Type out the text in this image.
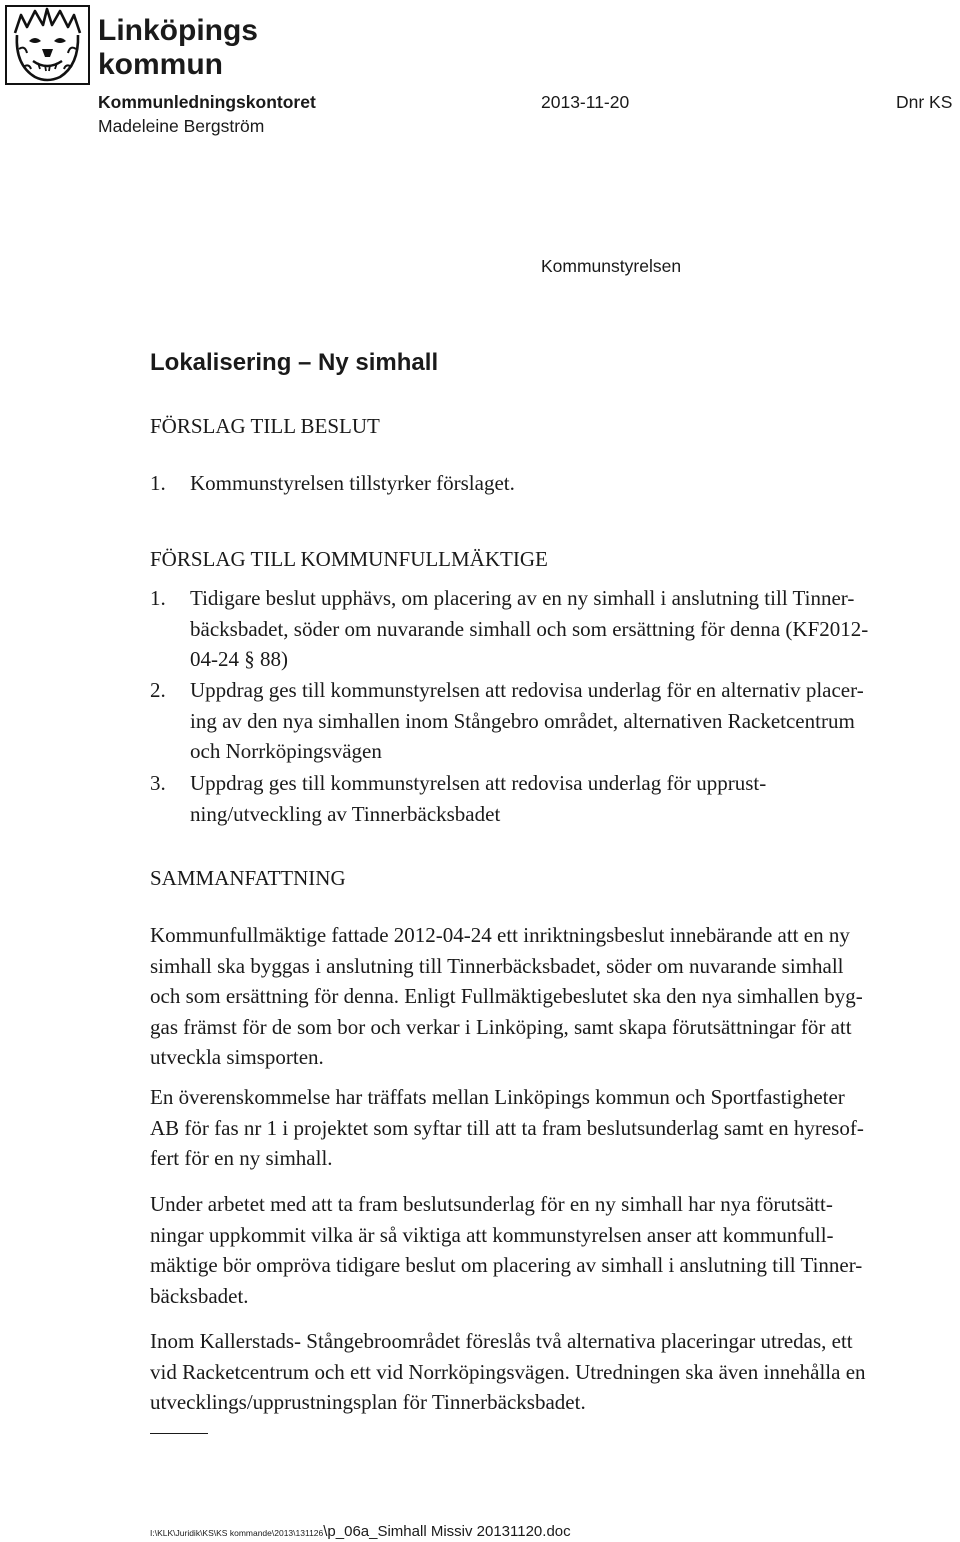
Linköpings
kommun
Kommunledningskontoret
Madeleine Bergström
2013-11-20	Dnr KS
Kommunstyrelsen
Lokalisering – Ny simhall
FÖRSLAG TILL BESLUT
1. Kommunstyrelsen tillstyrker förslaget.
FÖRSLAG TILL KOMMUNFULLMÄKTIGE
1. Tidigare beslut upphävs, om placering av en ny simhall i anslutning till Tinner-
bäcksbadet, söder om nuvarande simhall och som ersättning för denna (KF2012-
04-24 § 88)
2. Uppdrag ges till kommunstyrelsen att redovisa underlag för en alternativ placer-
ing av den nya simhallen inom Stångebro området, alternativen Racketcentrum
och Norrköpingsvägen
3. Uppdrag ges till kommunstyrelsen att redovisa underlag för upprust-
ning/utveckling av Tinnerbäcksbadet
SAMMANFATTNING
Kommunfullmäktige fattade 2012-04-24 ett inriktningsbeslut innebärande att en ny
simhall ska byggas i anslutning till Tinnerbäcksbadet, söder om nuvarande simhall
och som ersättning för denna. Enligt Fullmäktigebeslutet ska den nya simhallen byg-
gas främst för de som bor och verkar i Linköping, samt skapa förutsättningar för att
utveckla simsporten.
En överenskommelse har träffats mellan Linköpings kommun och Sportfastigheter
AB för fas nr 1 i projektet som syftar till att ta fram beslutsunderlag samt en hyresof-
fert för en ny simhall.
Under arbetet med att ta fram beslutsunderlag för en ny simhall har nya förutsätt-
ningar uppkommit vilka är så viktiga att kommunstyrelsen anser att kommunfull-
mäktige bör ompröva tidigare beslut om placering av simhall i anslutning till Tinner-
bäcksbadet.
Inom Kallerstads- Stångebroområdet föreslås två alternativa placeringar utredas, ett
vid Racketcentrum och ett vid Norrköpingsvägen. Utredningen ska även innehålla en
utvecklings/upprustningsplan för Tinnerbäcksbadet.
I:\KLK\Juridik\KS\KS kommande\2013\131126\p_06a_Simhall Missiv 20131120.doc
